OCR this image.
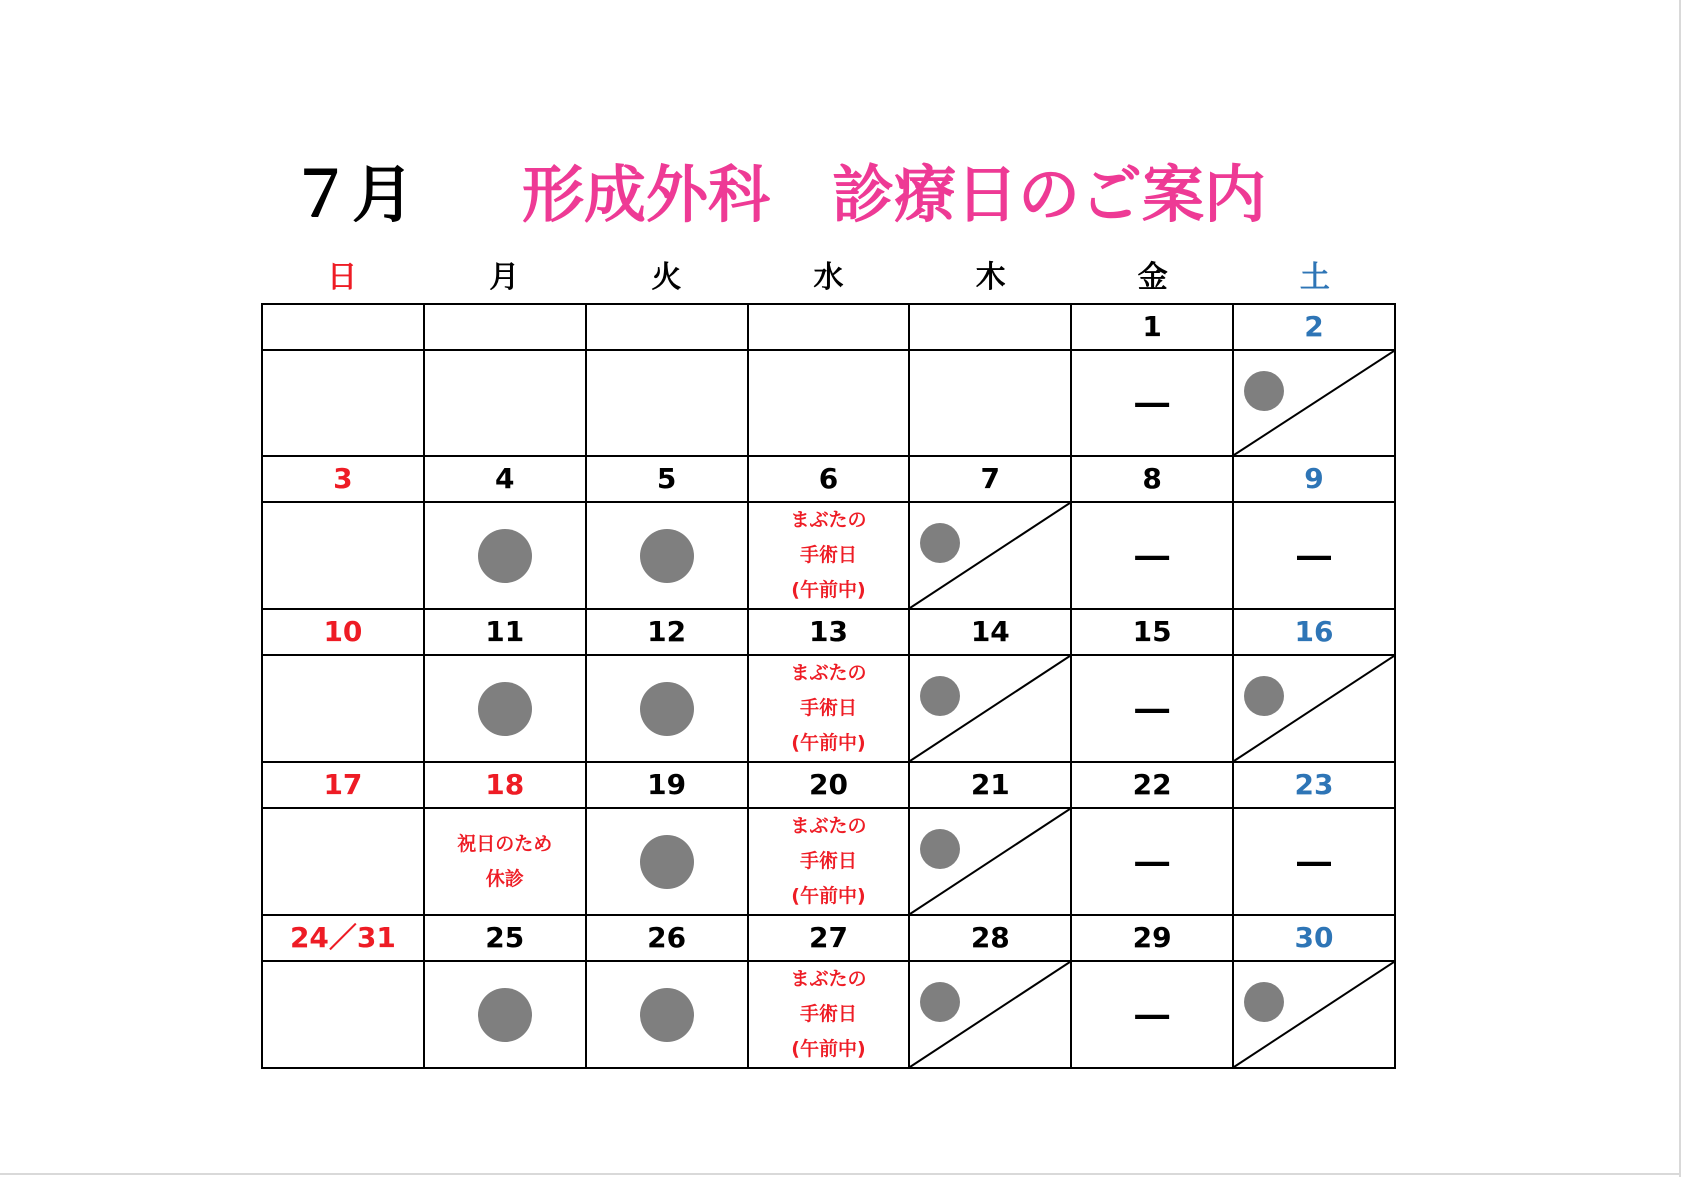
７月 形成外科　診療日のご案内
日	月	火	水	木	金	土
					1	2
					―	

3	4	5	6	7	8	9

			まぶたの
手術日
(午前中)		―	―
10	11	12	13	14	15	16

			まぶたの
手術日
(午前中)		―	

17	18	19	20	21	22	23

	祝日のため
休診		まぶたの
手術日
(午前中)		―	―
24／31	25	26	27	28	29	30

			まぶたの
手術日
(午前中)		―	
